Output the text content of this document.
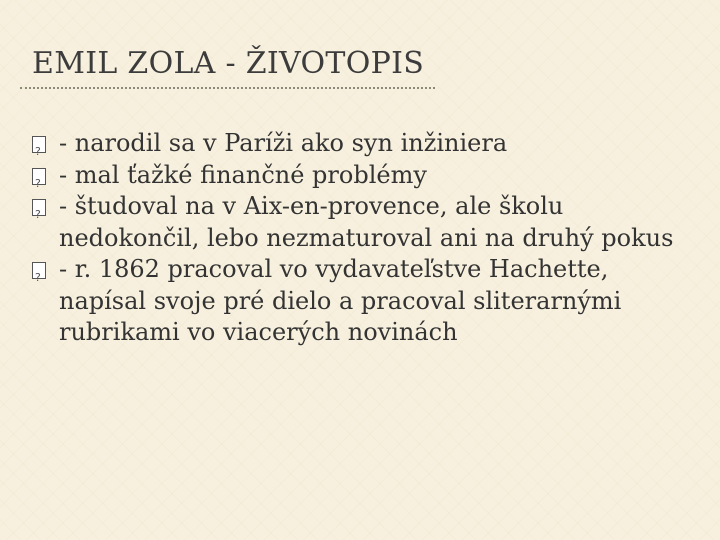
EMIL ZOLA - ŽIVOTOPIS
?
- narodil sa v Paríži ako syn inžiniera
?
- mal ťažké finančné problémy
?
- študoval na v Aix-en-provence, ale školu nedokončil, lebo nezmaturoval ani na druhý pokus
?
- r. 1862 pracoval vo vydavateľstve Hachette, napísal svoje pré dielo a pracoval sliterarnými rubrikami vo viacerých novinách
